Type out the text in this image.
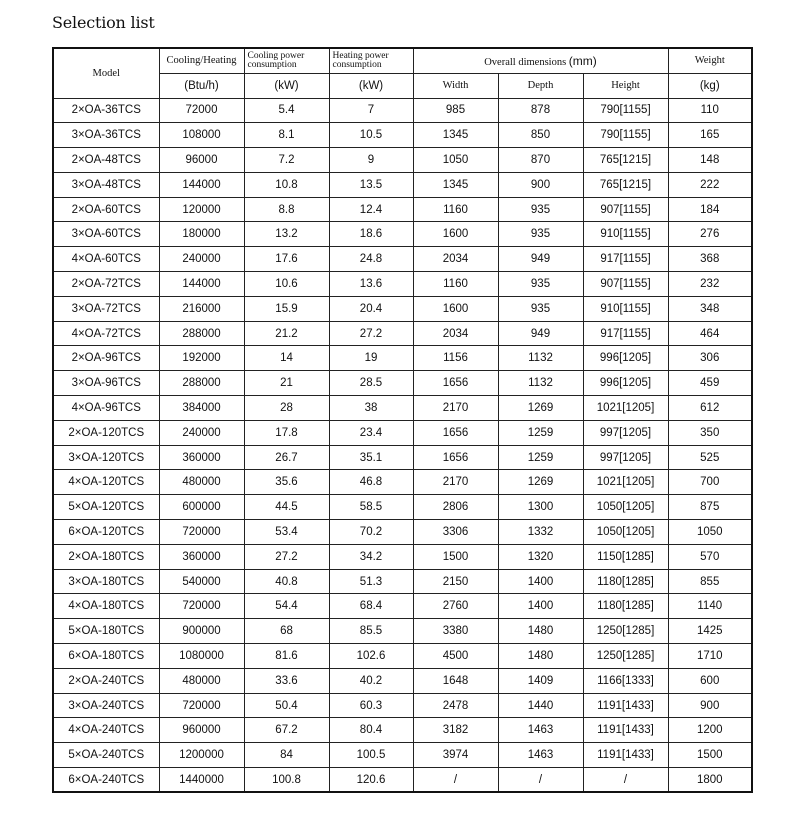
Selection list
Model	Cooling/Heating	Cooling power consumption	Heating power consumption	Overall dimensions (mm)			Weight
	(Btu/h)	(kW)	(kW)	Width	Depth	Height	(kg)
2×OA-36TCS	72000	5.4	7	985	878	790[1155]	110
3×OA-36TCS	108000	8.1	10.5	1345	850	790[1155]	165
2×OA-48TCS	96000	7.2	9	1050	870	765[1215]	148
3×OA-48TCS	144000	10.8	13.5	1345	900	765[1215]	222
2×OA-60TCS	120000	8.8	12.4	1160	935	907[1155]	184
3×OA-60TCS	180000	13.2	18.6	1600	935	910[1155]	276
4×OA-60TCS	240000	17.6	24.8	2034	949	917[1155]	368
2×OA-72TCS	144000	10.6	13.6	1160	935	907[1155]	232
3×OA-72TCS	216000	15.9	20.4	1600	935	910[1155]	348
4×OA-72TCS	288000	21.2	27.2	2034	949	917[1155]	464
2×OA-96TCS	192000	14	19	1156	1132	996[1205]	306
3×OA-96TCS	288000	21	28.5	1656	1132	996[1205]	459
4×OA-96TCS	384000	28	38	2170	1269	1021[1205]	612
2×OA-120TCS	240000	17.8	23.4	1656	1259	997[1205]	350
3×OA-120TCS	360000	26.7	35.1	1656	1259	997[1205]	525
4×OA-120TCS	480000	35.6	46.8	2170	1269	1021[1205]	700
5×OA-120TCS	600000	44.5	58.5	2806	1300	1050[1205]	875
6×OA-120TCS	720000	53.4	70.2	3306	1332	1050[1205]	1050
2×OA-180TCS	360000	27.2	34.2	1500	1320	1150[1285]	570
3×OA-180TCS	540000	40.8	51.3	2150	1400	1180[1285]	855
4×OA-180TCS	720000	54.4	68.4	2760	1400	1180[1285]	1140
5×OA-180TCS	900000	68	85.5	3380	1480	1250[1285]	1425
6×OA-180TCS	1080000	81.6	102.6	4500	1480	1250[1285]	1710
2×OA-240TCS	480000	33.6	40.2	1648	1409	1166[1333]	600
3×OA-240TCS	720000	50.4	60.3	2478	1440	1191[1433]	900
4×OA-240TCS	960000	67.2	80.4	3182	1463	1191[1433]	1200
5×OA-240TCS	1200000	84	100.5	3974	1463	1191[1433]	1500
6×OA-240TCS	1440000	100.8	120.6	/	/	/	1800
